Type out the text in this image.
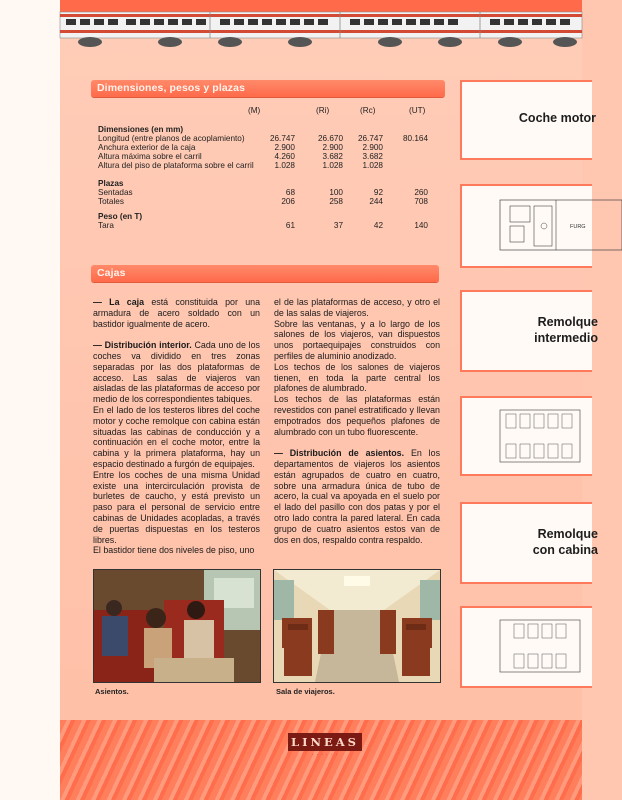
Dimensiones, pesos y plazas
(M)	(Ri)	(Rc)	(UT)
Dimensiones (en mm)
Longitud (entre planos de acoplamiento)	26.747	26.670	26.747	80.164
Anchura exterior de la caja	2.900	2.900	2.900
Altura máxima sobre el carril	4.260	3.682	3.682
Altura del piso de plataforma sobre el carril	1.028	1.028	1.028
Plazas
Sentadas	68	100	92	260
Totales	206	258	244	708
Peso (en T)
Tara	61	37	42	140
Cajas

— La caja está constituida por una armadura de acero soldado con un bastidor igualmente de acero.

— Distribución interior. Cada uno de los coches va dividido en tres zonas separadas por las dos plataformas de acceso. Las salas de viajeros van aisladas de las plataformas de acceso por medio de los correspondientes tabiques.

En el lado de los testeros libres del coche motor y coche remolque con cabina están situadas las cabinas de conducción y a continuación en el coche motor, entre la cabina y la primera plataforma, hay un espacio destinado a furgón de equipajes.

Entre los coches de una misma Unidad existe una intercirculación provista de burletes de caucho, y está previsto un paso para el personal de servicio entre cabinas de Unidades acopladas, a través de puertas dispuestas en los testeros libres.

El bastidor tiene dos niveles de piso, uno

el de las plataformas de acceso, y otro el de las salas de viajeros.

Sobre las ventanas, y a lo largo de los salones de los viajeros, van dispuestos unos portaequipajes construidos con perfiles de aluminio anodizado.

Los techos de los salones de viajeros tienen, en toda la parte central los plafones de alumbrado.

Los techos de las plataformas están revestidos con panel estratificado y llevan empotrados dos pequeños plafones de alumbrado con un tubo fluorescente.

— Distribución de asientos. En los departamentos de viajeros los asientos están agrupados de cuatro en cuatro, sobre una armadura única de tubo de acero, la cual va apoyada en el suelo por el lado del pasillo con dos patas y por el otro lado contra la pared lateral. En cada grupo de cuatro asientos estos van de dos en dos, respaldo contra respaldo.

Asientos.	Sala de viajeros.
Coche motor
FURG
Remolque
intermedio
Remolque
con cabina
LINEAS
· · · · · ·
